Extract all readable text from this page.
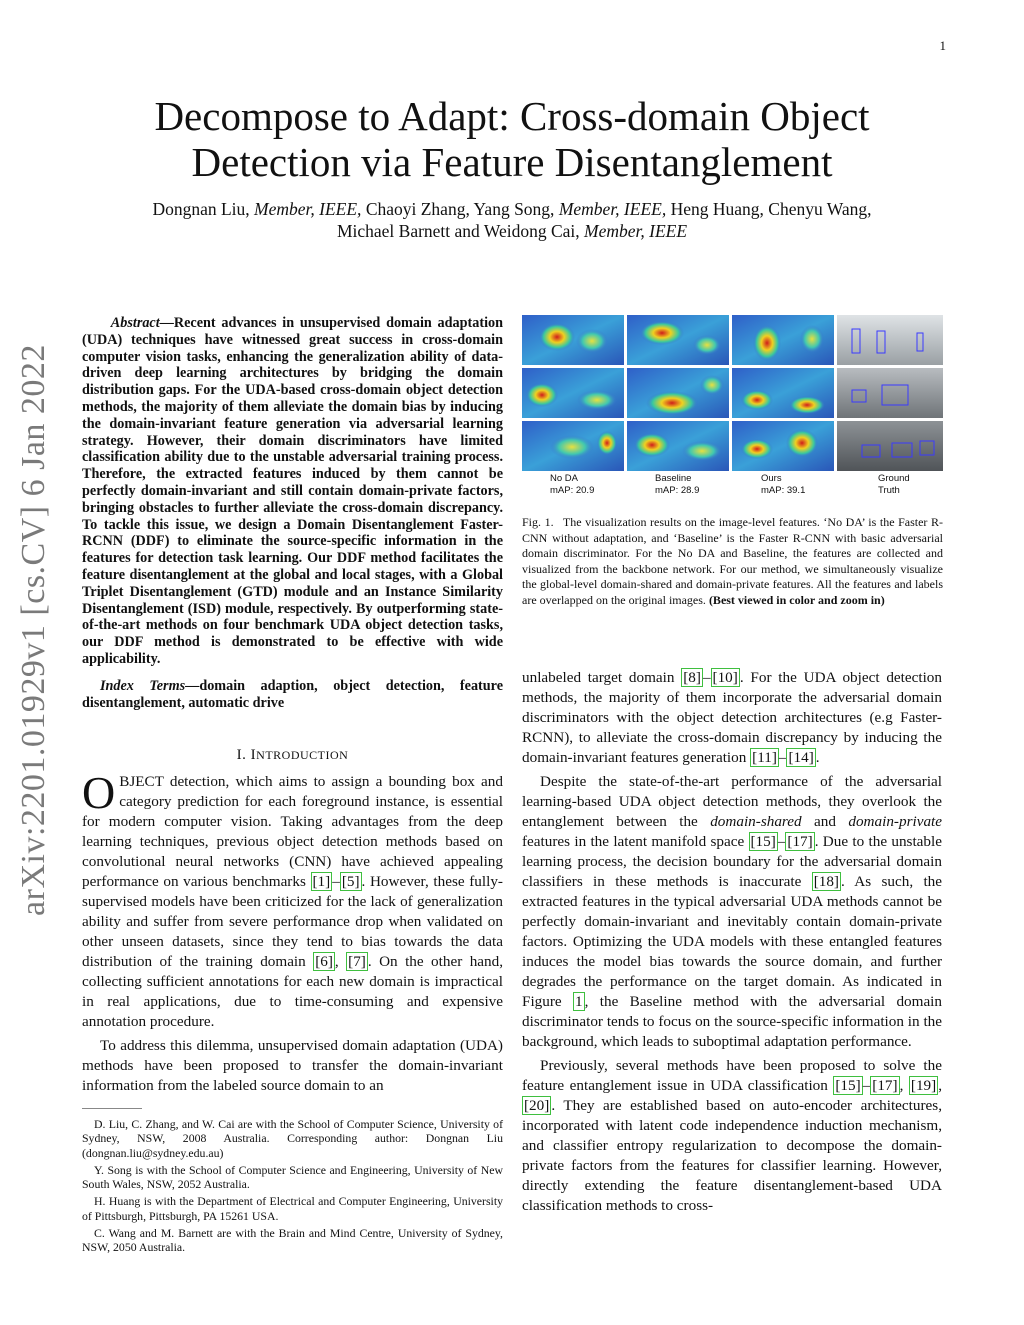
1
arXiv:2201.01929v1 [cs.CV] 6 Jan 2022
Decompose to Adapt: Cross-domain Object
Detection via Feature Disentanglement
Dongnan Liu, Member, IEEE, Chaoyi Zhang, Yang Song, Member, IEEE, Heng Huang, Chenyu Wang,
Michael Barnett and Weidong Cai, Member, IEEE
No DA
mAP: 20.9
Baseline
mAP: 28.9
Ours
mAP: 39.1
Ground
Truth
Fig. 1. The visualization results on the image-level features. ‘No DA’ is the Faster R-CNN without adaptation, and ‘Baseline’ is the Faster R-CNN with basic adversarial domain discriminator. For the No DA and Baseline, the features are collected and visualized from the backbone network. For our method, we simultaneously visualize the global-level domain-shared and domain-private features. All the features and labels are overlapped on the original images. (Best viewed in color and zoom in)

Abstract—Recent advances in unsupervised domain adaptation (UDA) techniques have witnessed great success in cross-domain computer vision tasks, enhancing the generalization ability of data-driven deep learning architectures by bridging the domain distribution gaps. For the UDA-based cross-domain object detection methods, the majority of them alleviate the domain bias by inducing the domain-invariant feature generation via adversarial learning strategy. However, their domain discriminators have limited classification ability due to the unstable adversarial training process. Therefore, the extracted features induced by them cannot be perfectly domain-invariant and still contain domain-private factors, bringing obstacles to further alleviate the cross-domain discrepancy. To tackle this issue, we design a Domain Disentanglement Faster-RCNN (DDF) to eliminate the source-specific information in the features for detection task learning. Our DDF method facilitates the feature disentanglement at the global and local stages, with a Global Triplet Disentanglement (GTD) module and an Instance Similarity Disentanglement (ISD) module, respectively. By outperforming state-of-the-art methods on four benchmark UDA object detection tasks, our DDF method is demonstrated to be effective with wide applicability.

Index Terms—domain adaption, object detection, feature disentanglement, automatic drive

I. INTRODUCTION

OBJECT detection, which aims to assign a bounding box and category prediction for each foreground instance, is essential for modern computer vision. Taking advantages from the deep learning techniques, previous object detection methods based on convolutional neural networks (CNN) have achieved appealing performance on various benchmarks [1] – [5] . However, these fully-supervised models have been criticized for the lack of generalization ability and suffer from severe performance drop when validated on other unseen datasets, since they tend to bias towards the data distribution of the training domain [6] , [7] . On the other hand, collecting sufficient annotations for each new domain is impractical in real applications, due to time-consuming and expensive annotation procedure.

To address this dilemma, unsupervised domain adaptation (UDA) methods have been proposed to transfer the domain-invariant information from the labeled source domain to an

D. Liu, C. Zhang, and W. Cai are with the School of Computer Science, University of Sydney, NSW, 2008 Australia. Corresponding author: Dongnan Liu (dongnan.liu@sydney.edu.au)

Y. Song is with the School of Computer Science and Engineering, University of New South Wales, NSW, 2052 Australia.

H. Huang is with the Department of Electrical and Computer Engineering, University of Pittsburgh, Pittsburgh, PA 15261 USA.

C. Wang and M. Barnett are with the Brain and Mind Centre, University of Sydney, NSW, 2050 Australia.

unlabeled target domain [8] – [10] . For the UDA object detection methods, the majority of them incorporate the adversarial domain discriminators with the object detection architectures (e.g Faster-RCNN), to alleviate the cross-domain discrepancy by inducing the domain-invariant features generation [11] – [14] .

Despite the state-of-the-art performance of the adversarial learning-based UDA object detection methods, they overlook the entanglement between the domain-shared and domain-private features in the latent manifold space [15] – [17] . Due to the unstable learning process, the decision boundary for the adversarial domain classifiers in these methods is inaccurate [18] . As such, the extracted features in the typical adversarial UDA methods cannot be perfectly domain-invariant and inevitably contain domain-private factors. Optimizing the UDA models with these entangled features induces the model bias towards the source domain, and further degrades the performance on the target domain. As indicated in Figure 1 , the Baseline method with the adversarial domain discriminator tends to focus on the source-specific information in the background, which leads to suboptimal adaptation performance.

Previously, several methods have been proposed to solve the feature entanglement issue in UDA classification [15] – [17] , [19] , [20] . They are established based on auto-encoder architectures, incorporated with latent code independence induction mechanism, and classifier entropy regularization to decompose the domain-private factors from the features for classifier learning. However, directly extending the feature disentanglement-based UDA classification methods to cross-
